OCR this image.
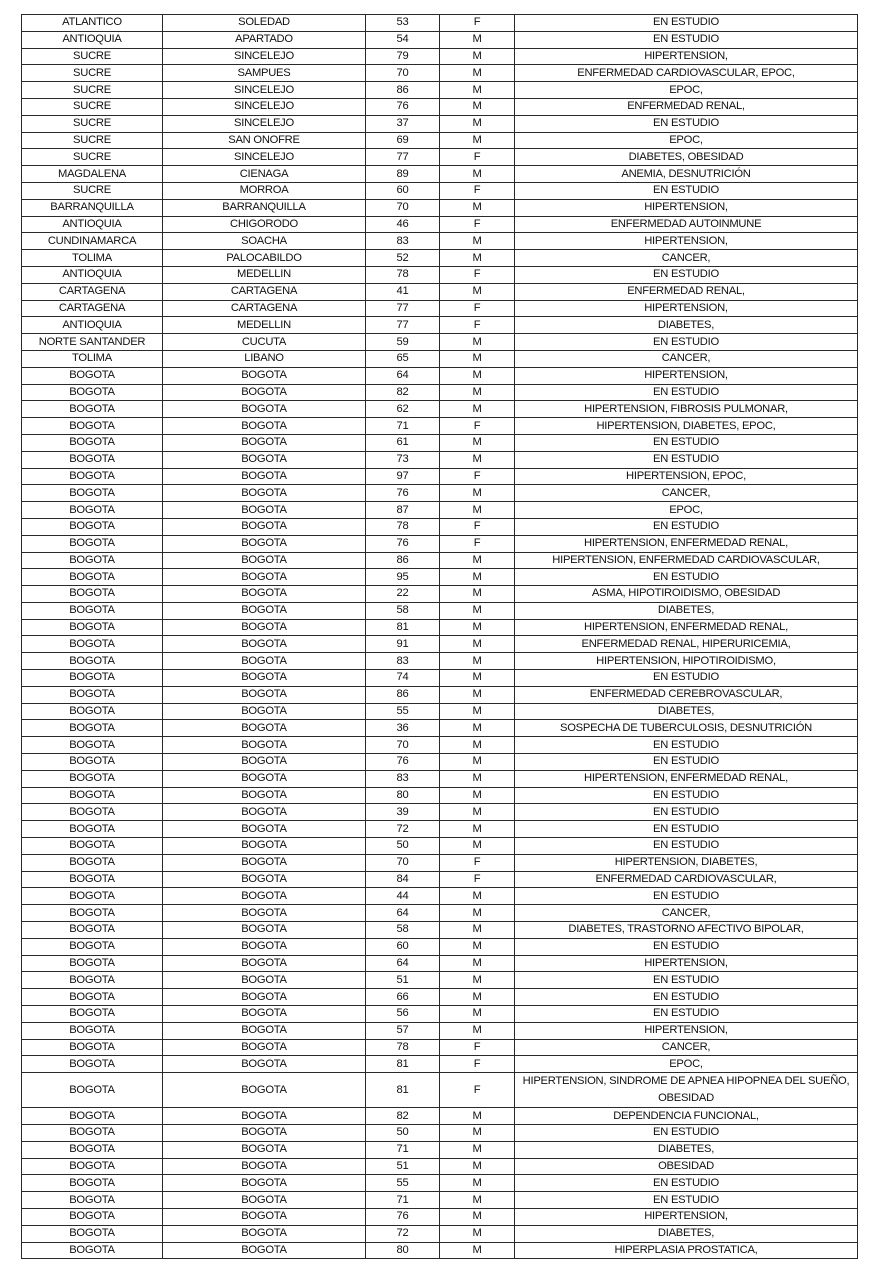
ATLANTICO	SOLEDAD	53	F	EN ESTUDIO
ANTIOQUIA	APARTADO	54	M	EN ESTUDIO
SUCRE	SINCELEJO	79	M	HIPERTENSION,
SUCRE	SAMPUES	70	M	ENFERMEDAD CARDIOVASCULAR, EPOC,
SUCRE	SINCELEJO	86	M	EPOC,
SUCRE	SINCELEJO	76	M	ENFERMEDAD RENAL,
SUCRE	SINCELEJO	37	M	EN ESTUDIO
SUCRE	SAN ONOFRE	69	M	EPOC,
SUCRE	SINCELEJO	77	F	DIABETES, OBESIDAD
MAGDALENA	CIENAGA	89	M	ANEMIA, DESNUTRICIÓN
SUCRE	MORROA	60	F	EN ESTUDIO
BARRANQUILLA	BARRANQUILLA	70	M	HIPERTENSION,
ANTIOQUIA	CHIGORODO	46	F	ENFERMEDAD AUTOINMUNE
CUNDINAMARCA	SOACHA	83	M	HIPERTENSION,
TOLIMA	PALOCABILDO	52	M	CANCER,
ANTIOQUIA	MEDELLIN	78	F	EN ESTUDIO
CARTAGENA	CARTAGENA	41	M	ENFERMEDAD RENAL,
CARTAGENA	CARTAGENA	77	F	HIPERTENSION,
ANTIOQUIA	MEDELLIN	77	F	DIABETES,
NORTE SANTANDER	CUCUTA	59	M	EN ESTUDIO
TOLIMA	LIBANO	65	M	CANCER,
BOGOTA	BOGOTA	64	M	HIPERTENSION,
BOGOTA	BOGOTA	82	M	EN ESTUDIO
BOGOTA	BOGOTA	62	M	HIPERTENSION, FIBROSIS PULMONAR,
BOGOTA	BOGOTA	71	F	HIPERTENSION, DIABETES, EPOC,
BOGOTA	BOGOTA	61	M	EN ESTUDIO
BOGOTA	BOGOTA	73	M	EN ESTUDIO
BOGOTA	BOGOTA	97	F	HIPERTENSION, EPOC,
BOGOTA	BOGOTA	76	M	CANCER,
BOGOTA	BOGOTA	87	M	EPOC,
BOGOTA	BOGOTA	78	F	EN ESTUDIO
BOGOTA	BOGOTA	76	F	HIPERTENSION, ENFERMEDAD RENAL,
BOGOTA	BOGOTA	86	M	HIPERTENSION, ENFERMEDAD CARDIOVASCULAR,
BOGOTA	BOGOTA	95	M	EN ESTUDIO
BOGOTA	BOGOTA	22	M	ASMA, HIPOTIROIDISMO, OBESIDAD
BOGOTA	BOGOTA	58	M	DIABETES,
BOGOTA	BOGOTA	81	M	HIPERTENSION, ENFERMEDAD RENAL,
BOGOTA	BOGOTA	91	M	ENFERMEDAD RENAL, HIPERURICEMIA,
BOGOTA	BOGOTA	83	M	HIPERTENSION, HIPOTIROIDISMO,
BOGOTA	BOGOTA	74	M	EN ESTUDIO
BOGOTA	BOGOTA	86	M	ENFERMEDAD CEREBROVASCULAR,
BOGOTA	BOGOTA	55	M	DIABETES,
BOGOTA	BOGOTA	36	M	SOSPECHA DE TUBERCULOSIS, DESNUTRICIÓN
BOGOTA	BOGOTA	70	M	EN ESTUDIO
BOGOTA	BOGOTA	76	M	EN ESTUDIO
BOGOTA	BOGOTA	83	M	HIPERTENSION, ENFERMEDAD RENAL,
BOGOTA	BOGOTA	80	M	EN ESTUDIO
BOGOTA	BOGOTA	39	M	EN ESTUDIO
BOGOTA	BOGOTA	72	M	EN ESTUDIO
BOGOTA	BOGOTA	50	M	EN ESTUDIO
BOGOTA	BOGOTA	70	F	HIPERTENSION, DIABETES,
BOGOTA	BOGOTA	84	F	ENFERMEDAD CARDIOVASCULAR,
BOGOTA	BOGOTA	44	M	EN ESTUDIO
BOGOTA	BOGOTA	64	M	CANCER,
BOGOTA	BOGOTA	58	M	DIABETES, TRASTORNO AFECTIVO BIPOLAR,
BOGOTA	BOGOTA	60	M	EN ESTUDIO
BOGOTA	BOGOTA	64	M	HIPERTENSION,
BOGOTA	BOGOTA	51	M	EN ESTUDIO
BOGOTA	BOGOTA	66	M	EN ESTUDIO
BOGOTA	BOGOTA	56	M	EN ESTUDIO
BOGOTA	BOGOTA	57	M	HIPERTENSION,
BOGOTA	BOGOTA	78	F	CANCER,
BOGOTA	BOGOTA	81	F	EPOC,
BOGOTA	BOGOTA	81	F	HIPERTENSION, SINDROME DE APNEA HIPOPNEA DEL SUEÑO, OBESIDAD
BOGOTA	BOGOTA	82	M	DEPENDENCIA FUNCIONAL,
BOGOTA	BOGOTA	50	M	EN ESTUDIO
BOGOTA	BOGOTA	71	M	DIABETES,
BOGOTA	BOGOTA	51	M	OBESIDAD
BOGOTA	BOGOTA	55	M	EN ESTUDIO
BOGOTA	BOGOTA	71	M	EN ESTUDIO
BOGOTA	BOGOTA	76	M	HIPERTENSION,
BOGOTA	BOGOTA	72	M	DIABETES,
BOGOTA	BOGOTA	80	M	HIPERPLASIA PROSTATICA,
